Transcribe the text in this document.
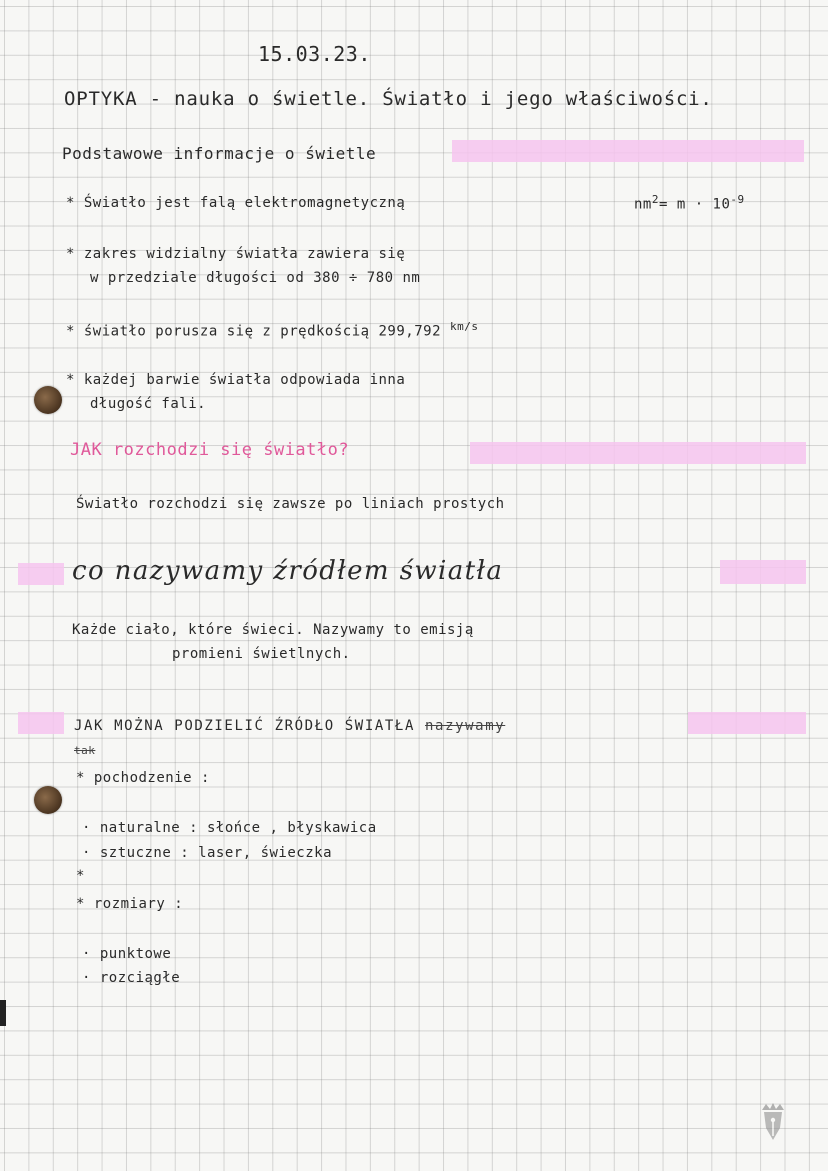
15.03.23.
OPTYKA - nauka o świetle. Światło i jego właściwości.
Podstawowe informacje o świetle
* Światło jest falą elektromagnetyczną	$nm^2= m \cdot 10^{-9}$
* zakres widzialny światła zawiera się
w przedziale długości od 380 ÷ 780 nm
* światło porusza się z prędkością 299,792 $^{km/s}$
* każdej barwie światła odpowiada inna
długość fali.
JAK rozchodzi się światło?
Światło rozchodzi się zawsze po liniach prostych
co nazywamy źródłem światła
Każde ciało, które świeci. Nazywamy to emisją
promieni świetlnych.
JAK MOŻNA PODZIELIĆ ŹRÓDŁO ŚWIATŁA nazywamy
tak
* pochodzenie :
· naturalne : słońce , błyskawica
· sztuczne : laser, świeczka
*
* rozmiary :
· punktowe
· rozciągłe
